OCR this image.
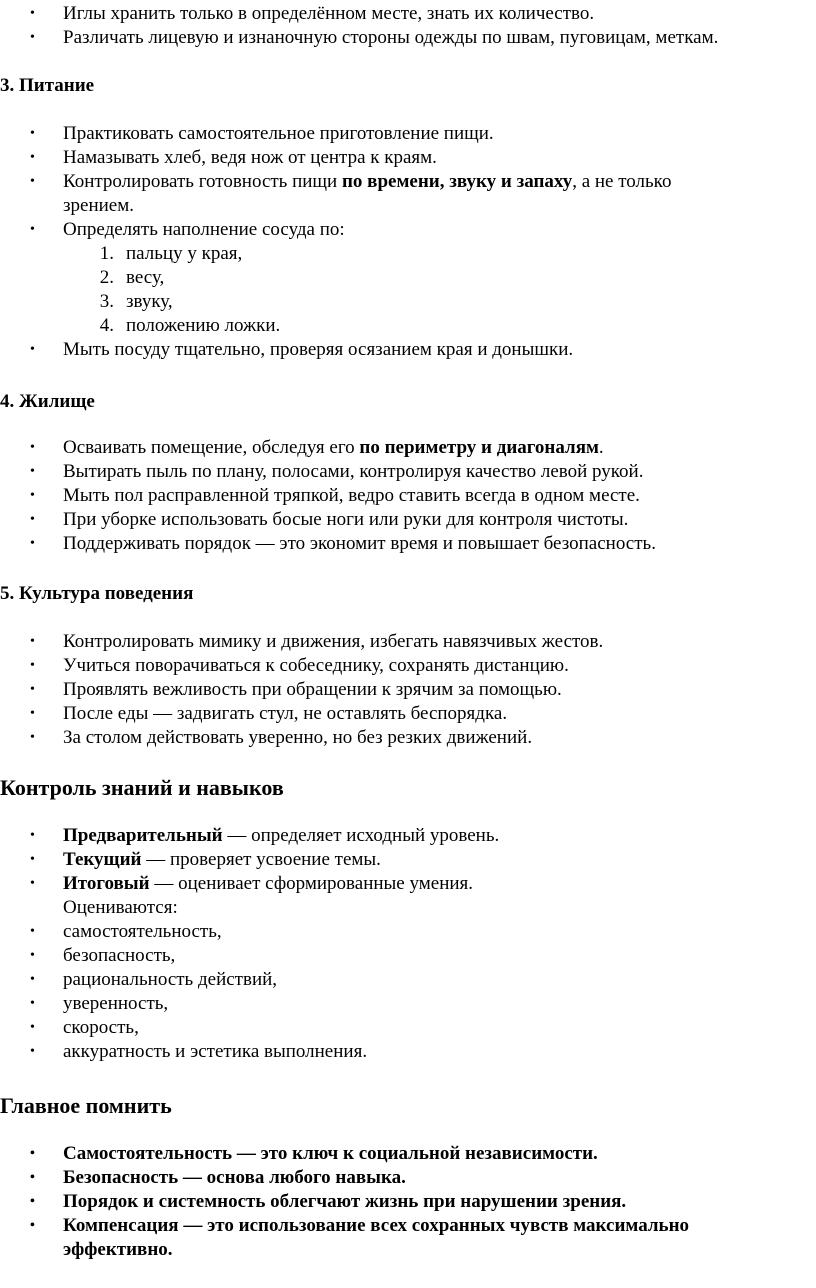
• Иглы хранить только в определённом месте, знать их количество.
• Различать лицевую и изнаночную стороны одежды по швам, пуговицам, меткам.
3. Питание
• Практиковать самостоятельное приготовление пищи.
• Намазывать хлеб, ведя нож от центра к краям.
• Контролировать готовность пищи по времени, звуку и запаху, а не только
зрением.
• Определять наполнение сосуда по:
1. пальцу у края,
2. весу,
3. звуку,
4. положению ложки.
• Мыть посуду тщательно, проверяя осязанием края и донышки.
4. Жилище
• Осваивать помещение, обследуя его по периметру и диагоналям.
• Вытирать пыль по плану, полосами, контролируя качество левой рукой.
• Мыть пол расправленной тряпкой, ведро ставить всегда в одном месте.
• При уборке использовать босые ноги или руки для контроля чистоты.
• Поддерживать порядок — это экономит время и повышает безопасность.
5. Культура поведения
• Контролировать мимику и движения, избегать навязчивых жестов.
• Учиться поворачиваться к собеседнику, сохранять дистанцию.
• Проявлять вежливость при обращении к зрячим за помощью.
• После еды — задвигать стул, не оставлять беспорядка.
• За столом действовать уверенно, но без резких движений.
Контроль знаний и навыков
• Предварительный — определяет исходный уровень.
• Текущий — проверяет усвоение темы.
• Итоговый — оценивает сформированные умения.
Оцениваются:
• самостоятельность,
• безопасность,
• рациональность действий,
• уверенность,
• скорость,
• аккуратность и эстетика выполнения.
Главное помнить
• Самостоятельность — это ключ к социальной независимости.
• Безопасность — основа любого навыка.
• Порядок и системность облегчают жизнь при нарушении зрения.
• Компенсация — это использование всех сохранных чувств максимально
эффективно.
